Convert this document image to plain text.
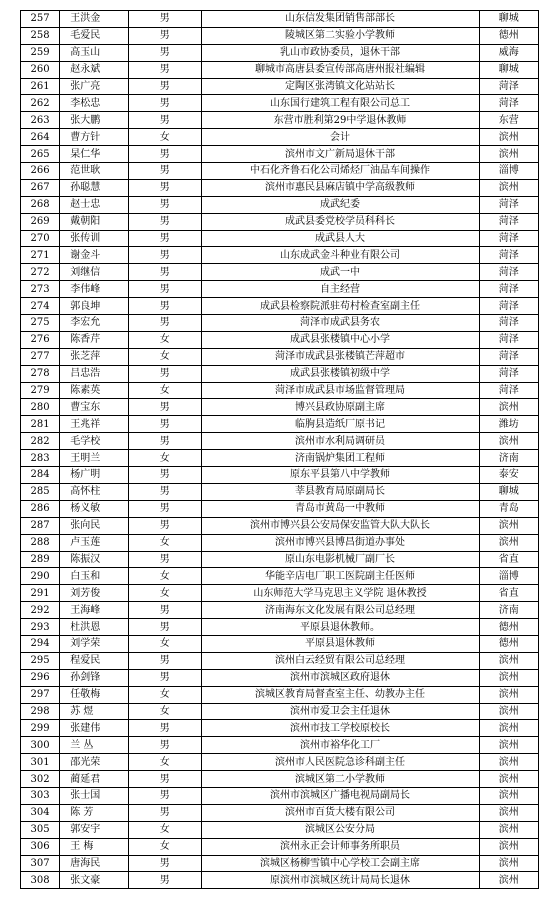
257	王洪金	男	山东信发集团销售部部长	聊城
258	毛爱民	男	陵城区第二实验小学教师	德州
259	高玉山	男	乳山市政协委员，退休干部	威海
260	赵永斌	男	聊城市高唐县委宣传部高唐州报社编辑	聊城
261	张广亮	男	定陶区张湾镇文化站站长	菏泽
262	李松忠	男	山东国行建筑工程有限公司总工	菏泽
263	张大鹏	男	东营市胜利第29中学退休教师	东营
264	曹方针	女	会计	滨州
265	杲仁华	男	滨州市文广新局退休干部	滨州
266	范世耿	男	中石化齐鲁石化公司烯烃厂油品车间操作	淄博
267	孙聪慧	男	滨州市惠民县麻店镇中学高级教师	滨州
268	赵士忠	男	成武纪委	菏泽
269	戴朝阳	男	成武县委党校学员科科长	菏泽
270	张传训	男	成武县人大	菏泽
271	谢金斗	男	山东成武金斗种业有限公司	菏泽
272	刘继信	男	成武一中	菏泽
273	李伟峰	男	自主经营	菏泽
274	郭良坤	男	成武县检察院派驻苟村检查室副主任	菏泽
275	李宏允	男	菏泽市成武县务农	菏泽
276	陈香芹	女	成武县张楼镇中心小学	菏泽
277	张芝萍	女	菏泽市成武县张楼镇芒萍超市	菏泽
278	吕忠浩	男	成武县张楼镇初级中学	菏泽
279	陈素英	女	菏泽市成武县市场监督管理局	菏泽
280	曹宝东	男	博兴县政协原副主席	滨州
281	王兆祥	男	临朐县造纸厂原书记	潍坊
282	毛学校	男	滨州市水利局调研员	滨州
283	王明兰	女	济南锅炉集团工程师	济南
284	杨广明	男	原东平县第八中学教师	泰安
285	高怀柱	男	莘县教育局原副局长	聊城
286	杨义敏	男	青岛市黄岛一中教师	青岛
287	张向民	男	滨州市博兴县公安局保安监管大队大队长	滨州
288	卢玉莲	女	滨州市博兴县博昌街道办事处	滨州
289	陈振汉	男	原山东电影机械厂副厂长	省直
290	白玉和	女	华能辛店电厂职工医院副主任医师	淄博
291	刘芳俊	女	山东师范大学马克思主义学院 退休教授	省直
292	王海峰	男	济南海东文化发展有限公司总经理	济南
293	杜洪恩	男	平原县退休教师。	德州
294	刘学荣	女	平原县退休教师	德州
295	程爱民	男	滨州白云经贸有限公司总经理	滨州
296	孙剑锋	男	滨州市滨城区政府退休	滨州
297	任敬梅	女	滨城区教育局督查室主任、幼教办主任	滨州
298	苏 煜	女	滨州市爱卫会主任退休	滨州
299	张建伟	男	滨州市技工学校原校长	滨州
300	兰 丛	男	滨州市裕华化工厂	滨州
301	邵光荣	女	滨州市人民医院急诊科副主任	滨州
302	蔺延君	男	滨城区第二小学教师	滨州
303	张士国	男	滨州市滨城区广播电视局副局长	滨州
304	陈 芳	男	滨州市百货大楼有限公司	滨州
305	郭安宇	女	滨城区公安分局	滨州
306	王 梅	女	滨州永正会计师事务所职员	滨州
307	唐海民	男	滨城区杨柳雪镇中心学校工会副主席	滨州
308	张文豪	男	原滨州市滨城区统计局局长退休	滨州
